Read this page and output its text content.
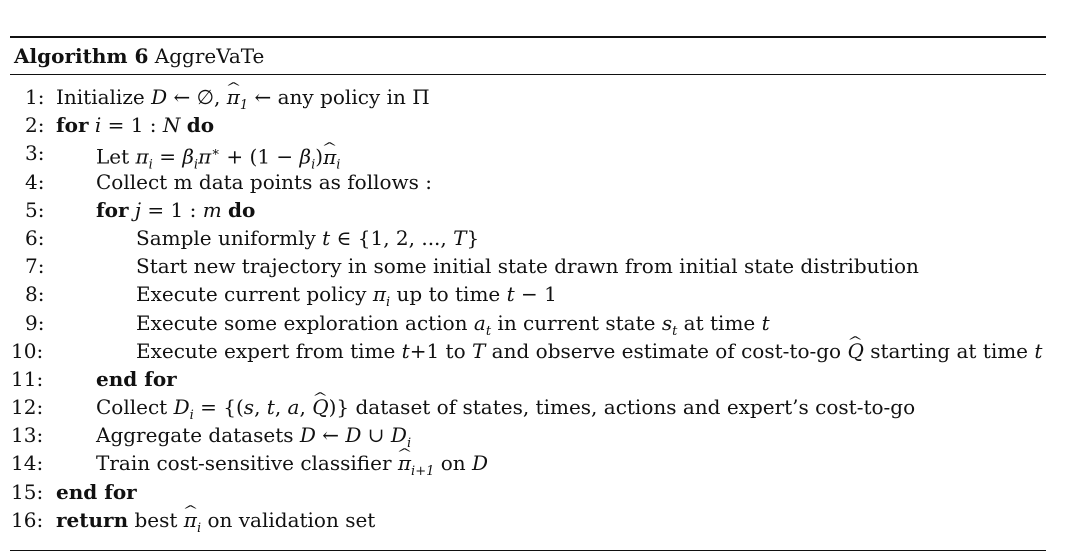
Algorithm 6 AggreVaTe
1: Initialize D ← ∅, ^ $\pi_1$ ← any policy in Π
2: for i = 1 : N do
3:	Let $\pi_i = \beta_i\pi^∗ + (1$ − $\beta_i)\^{}$ $\pi_i$
4:	Collect m data points as follows :
5:	for j = 1 : m do
6:	Sample uniformly t ∈ {1, 2, ..., T}
7:	Start new trajectory in some initial state drawn from initial state distribution
8:	Execute current policy $\pi_i$ up to time t − 1
9:	Execute some exploration action $a_t$ in current state $s_t$ at time t
10:	Execute expert from time t+1 to T and observe estimate of cost-to-go ^ Q starting at time t
11:	end for
12:	Collect $D_i = \{(s$, t, a, ^ Q)} dataset of states, times, actions and expert’s cost-to-go
13:	Aggregate datasets D ← D ∪ $D_i$
14:	Train cost-sensitive classifier ^ $\pi_{i+1}$ on D
15: end for
16: return best ^ $\pi_i$ on validation set
